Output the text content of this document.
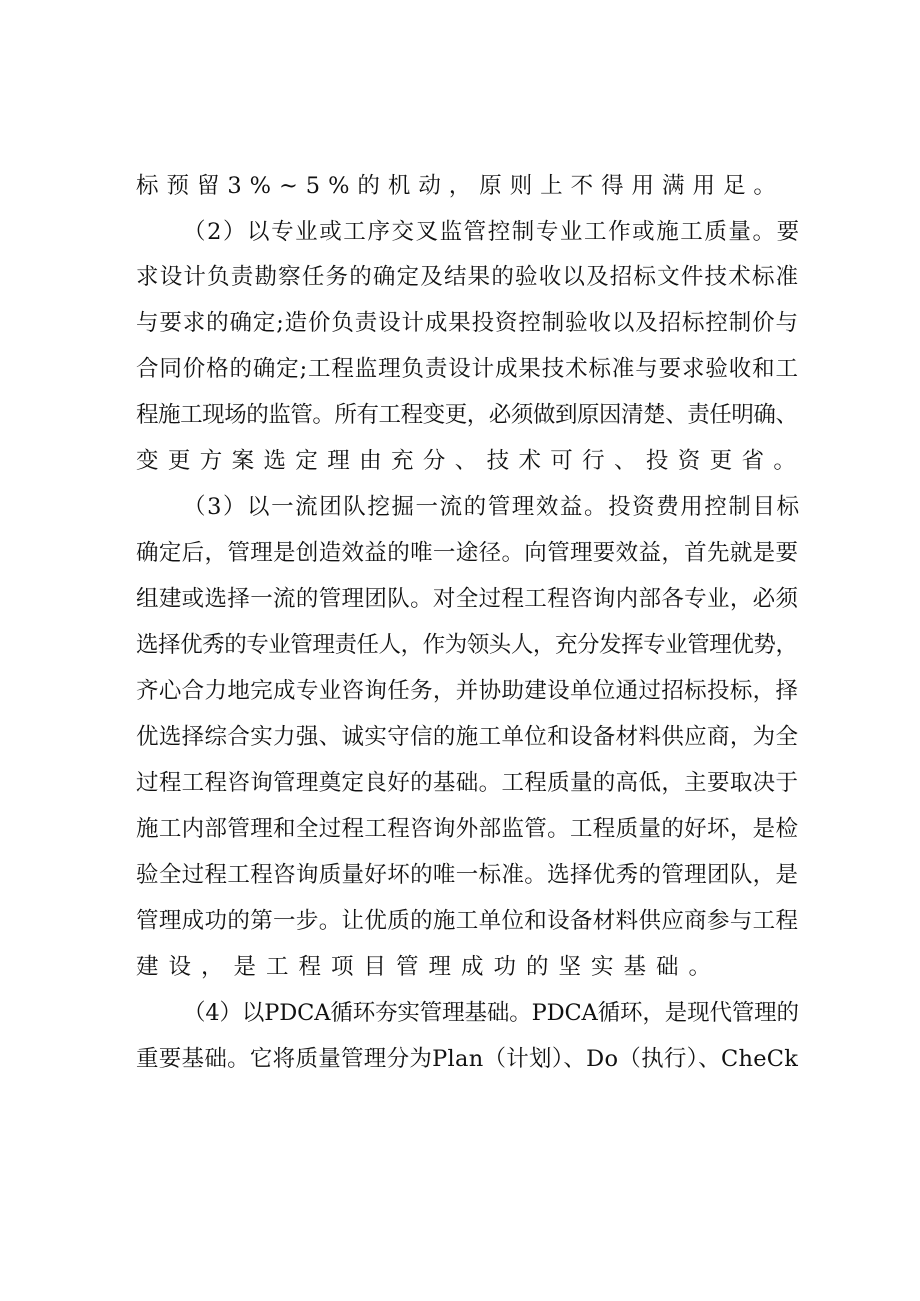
标预留3%~5%的机动，原则上不得用满用足。
（2）以专业或工序交叉监管控制专业工作或施工质量。要
求设计负责勘察任务的确定及结果的验收以及招标文件技术标准
与要求的确定;造价负责设计成果投资控制验收以及招标控制价与
合同价格的确定;工程监理负责设计成果技术标准与要求验收和工
程施工现场的监管。所有工程变更，必须做到原因清楚、责任明确、
变更方案选定理由充分、技术可行、投资更省。
（3）以一流团队挖掘一流的管理效益。投资费用控制目标
确定后，管理是创造效益的唯一途径。向管理要效益，首先就是要
组建或选择一流的管理团队。对全过程工程咨询内部各专业，必须
选择优秀的专业管理责任人，作为领头人，充分发挥专业管理优势，
齐心合力地完成专业咨询任务，并协助建设单位通过招标投标，择
优选择综合实力强、诚实守信的施工单位和设备材料供应商，为全
过程工程咨询管理奠定良好的基础。工程质量的高低，主要取决于
施工内部管理和全过程工程咨询外部监管。工程质量的好坏，是检
验全过程工程咨询质量好坏的唯一标准。选择优秀的管理团队，是
管理成功的第一步。让优质的施工单位和设备材料供应商参与工程
建设，是工程项目管理成功的坚实基础。
（4）以PDCA循环夯实管理基础。PDCA循环，是现代管理的
重要基础。它将质量管理分为Plan（计划）、Do（执行）、CheCk
